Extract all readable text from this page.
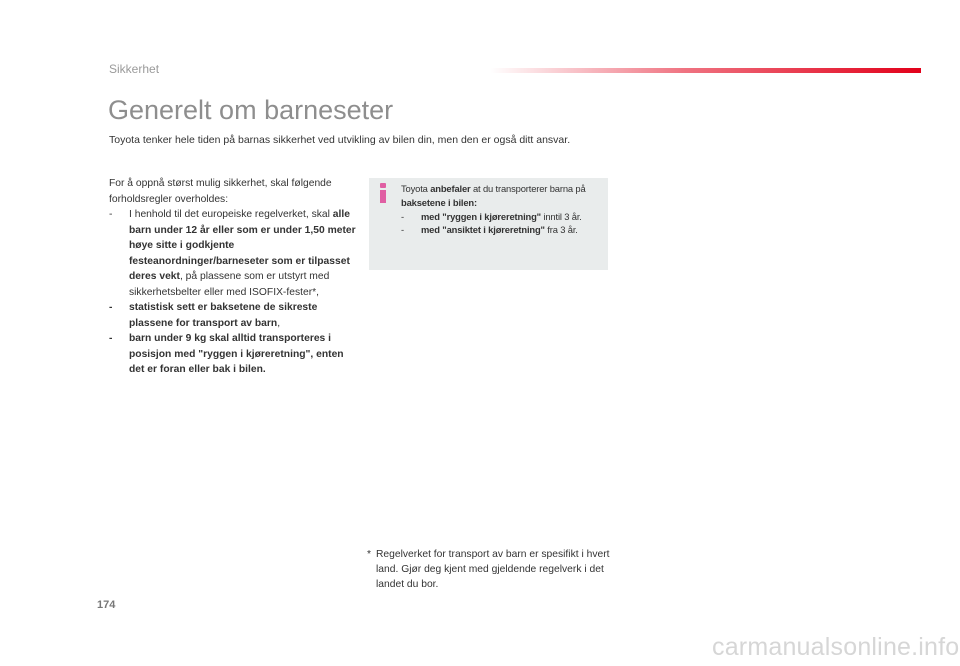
Sikkerhet
Generelt om barneseter
Toyota tenker hele tiden på barnas sikkerhet ved utvikling av bilen din, men den er også ditt ansvar.

For å oppnå størst mulig sikkerhet, skal følgende forholdsregler overholdes:

- I henhold til det europeiske regelverket, skal alle barn under 12 år eller som er under 1,50 meter høye sitte i godkjente festeanordninger/barneseter som er tilpasset deres vekt, på plassene som er utstyrt med sikkerhetsbelter eller med ISOFIX-fester*,
- statistisk sett er baksetene de sikreste plassene for transport av barn,
- barn under 9 kg skal alltid transporteres i posisjon med "ryggen i kjøreretning", enten det er foran eller bak i bilen.

Toyota anbefaler at du transporterer barna på baksetene i bilen:

- med "ryggen i kjøreretning" inntil 3 år.
- med "ansiktet i kjøreretning" fra 3 år.
* Regelverket for transport av barn er spesifikt i hvert land. Gjør deg kjent med gjeldende regelverk i det landet du bor.
174
carmanualsonline.info
